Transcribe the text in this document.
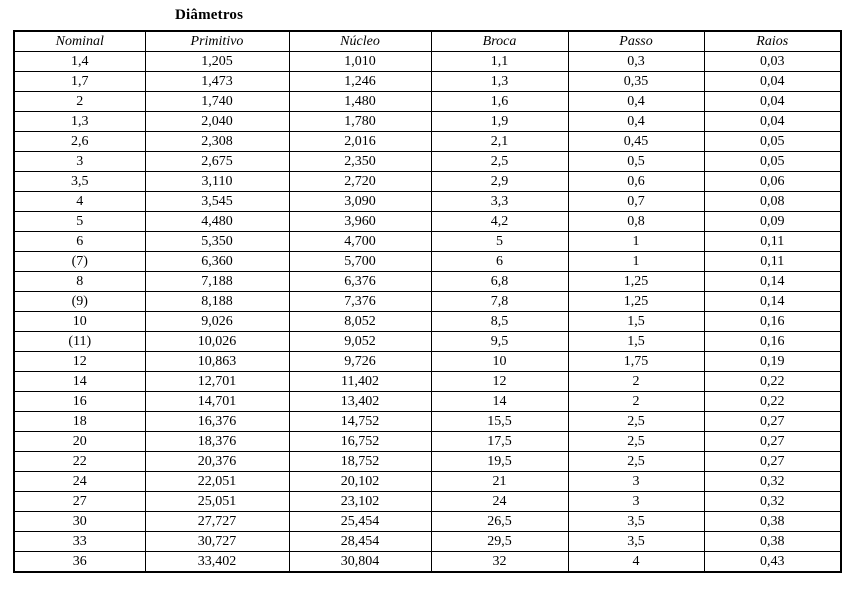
Diâmetros
Nominal	Primitivo	Núcleo	Broca	Passo	Raios
1,4	1,205	1,010	1,1	0,3	0,03
1,7	1,473	1,246	1,3	0,35	0,04
2	1,740	1,480	1,6	0,4	0,04
1,3	2,040	1,780	1,9	0,4	0,04
2,6	2,308	2,016	2,1	0,45	0,05
3	2,675	2,350	2,5	0,5	0,05
3,5	3,110	2,720	2,9	0,6	0,06
4	3,545	3,090	3,3	0,7	0,08
5	4,480	3,960	4,2	0,8	0,09
6	5,350	4,700	5	1	0,11
(7)	6,360	5,700	6	1	0,11
8	7,188	6,376	6,8	1,25	0,14
(9)	8,188	7,376	7,8	1,25	0,14
10	9,026	8,052	8,5	1,5	0,16
(11)	10,026	9,052	9,5	1,5	0,16
12	10,863	9,726	10	1,75	0,19
14	12,701	11,402	12	2	0,22
16	14,701	13,402	14	2	0,22
18	16,376	14,752	15,5	2,5	0,27
20	18,376	16,752	17,5	2,5	0,27
22	20,376	18,752	19,5	2,5	0,27
24	22,051	20,102	21	3	0,32
27	25,051	23,102	24	3	0,32
30	27,727	25,454	26,5	3,5	0,38
33	30,727	28,454	29,5	3,5	0,38
36	33,402	30,804	32	4	0,43
